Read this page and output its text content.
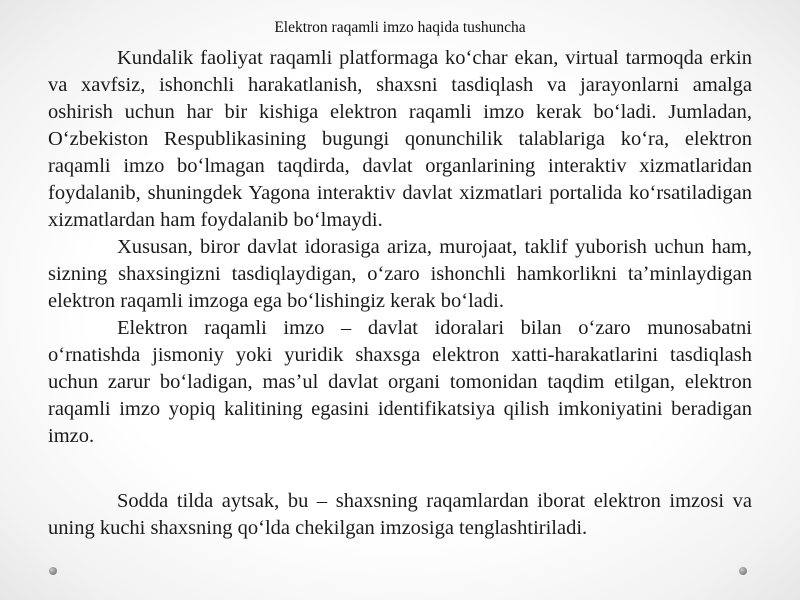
Elektron raqamli imzo haqida tushuncha

Kundalik faoliyat raqamli platformaga koʻchar ekan, virtual tarmoqda erkin va xavfsiz, ishonchli harakatlanish, shaxsni tasdiqlash va jarayonlarni amalga oshirish uchun har bir kishiga elektron raqamli imzo kerak boʻladi. Jumladan, Oʻzbekiston Respublikasining bugungi qonunchilik talablariga koʻra, elektron raqamli imzo boʻlmagan taqdirda, davlat organlarining interaktiv xizmatlaridan foydalanib, shuningdek Yagona interaktiv davlat xizmatlari portalida koʻrsatiladigan xizmatlardan ham foydalanib boʻlmaydi.

Xususan, biror davlat idorasiga ariza, murojaat, taklif yuborish uchun ham, sizning shaxsingizni tasdiqlaydigan, oʻzaro ishonchli hamkorlikni taʼminlaydigan elektron raqamli imzoga ega boʻlishingiz kerak boʻladi.

Elektron raqamli imzo – davlat idoralari bilan oʻzaro munosabatni oʻrnatishda jismoniy yoki yuridik shaxsga elektron xatti-harakatlarini tasdiqlash uchun zarur boʻladigan, masʼul davlat organi tomonidan taqdim etilgan, elektron raqamli imzo yopiq kalitining egasini identifikatsiya qilish imkoniyatini beradigan imzo.

Sodda tilda aytsak, bu – shaxsning raqamlardan iborat elektron imzosi va uning kuchi shaxsning qoʻlda chekilgan imzosiga tenglashtiriladi.
